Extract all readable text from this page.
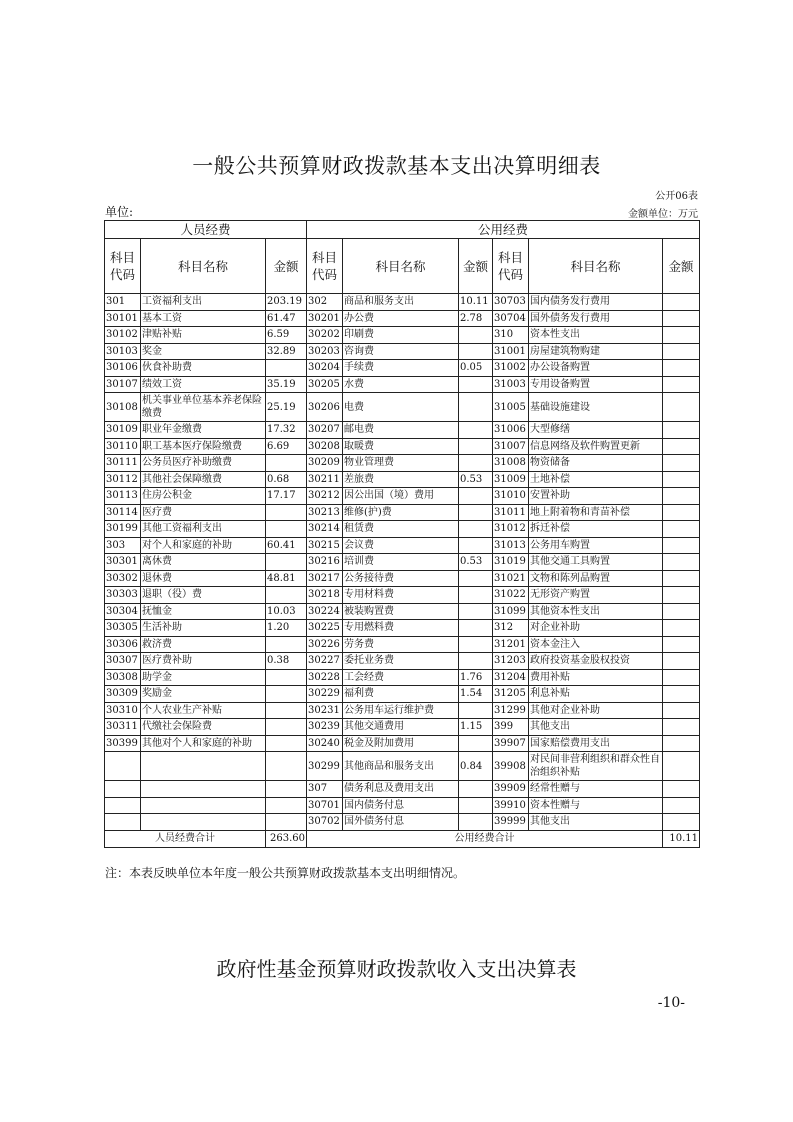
一般公共预算财政拨款基本支出决算明细表
公开06表
单位:	金额单位：万元
人员经费			公用经费					
科目代码	科目名称	金额	科目代码	科目名称	金额	科目代码	科目名称	金额
301	工资福利支出	203.19	302	商品和服务支出	10.11	30703	国内债务发行费用	
30101	基本工资	61.47	30201	办公费	2.78	30704	国外债务发行费用	
30102	津贴补贴	6.59	30202	印刷费		310	资本性支出	
30103	奖金	32.89	30203	咨询费		31001	房屋建筑物购建	
30106	伙食补助费		30204	手续费	0.05	31002	办公设备购置	
30107	绩效工资	35.19	30205	水费		31003	专用设备购置	
30108	机关事业单位基本养老保险缴费	25.19	30206	电费		31005	基础设施建设	
30109	职业年金缴费	17.32	30207	邮电费		31006	大型修缮	
30110	职工基本医疗保险缴费	6.69	30208	取暖费		31007	信息网络及软件购置更新	
30111	公务员医疗补助缴费		30209	物业管理费		31008	物资储备	
30112	其他社会保障缴费	0.68	30211	差旅费	0.53	31009	土地补偿	
30113	住房公积金	17.17	30212	因公出国（境）费用		31010	安置补助	
30114	医疗费		30213	维修(护)费		31011	地上附着物和青苗补偿	
30199	其他工资福利支出		30214	租赁费		31012	拆迁补偿	
303	对个人和家庭的补助	60.41	30215	会议费		31013	公务用车购置	
30301	离休费		30216	培训费	0.53	31019	其他交通工具购置	
30302	退休费	48.81	30217	公务接待费		31021	文物和陈列品购置	
30303	退职（役）费		30218	专用材料费		31022	无形资产购置	
30304	抚恤金	10.03	30224	被装购置费		31099	其他资本性支出	
30305	生活补助	1.20	30225	专用燃料费		312	对企业补助	
30306	救济费		30226	劳务费		31201	资本金注入	
30307	医疗费补助	0.38	30227	委托业务费		31203	政府投资基金股权投资	
30308	助学金		30228	工会经费	1.76	31204	费用补贴	
30309	奖励金		30229	福利费	1.54	31205	利息补贴	
30310	个人农业生产补贴		30231	公务用车运行维护费		31299	其他对企业补助	
30311	代缴社会保险费		30239	其他交通费用	1.15	399	其他支出	
30399	其他对个人和家庭的补助		30240	税金及附加费用		39907	国家赔偿费用支出	
			30299	其他商品和服务支出	0.84	39908	对民间非营利组织和群众性自治组织补贴	
			307	债务利息及费用支出		39909	经常性赠与	
			30701	国内债务付息		39910	资本性赠与	
			30702	国外债务付息		39999	其他支出	
人员经费合计		263.60	公用经费合计					10.11
注：本表反映单位本年度一般公共预算财政拨款基本支出明细情况。
政府性基金预算财政拨款收入支出决算表
-10-
